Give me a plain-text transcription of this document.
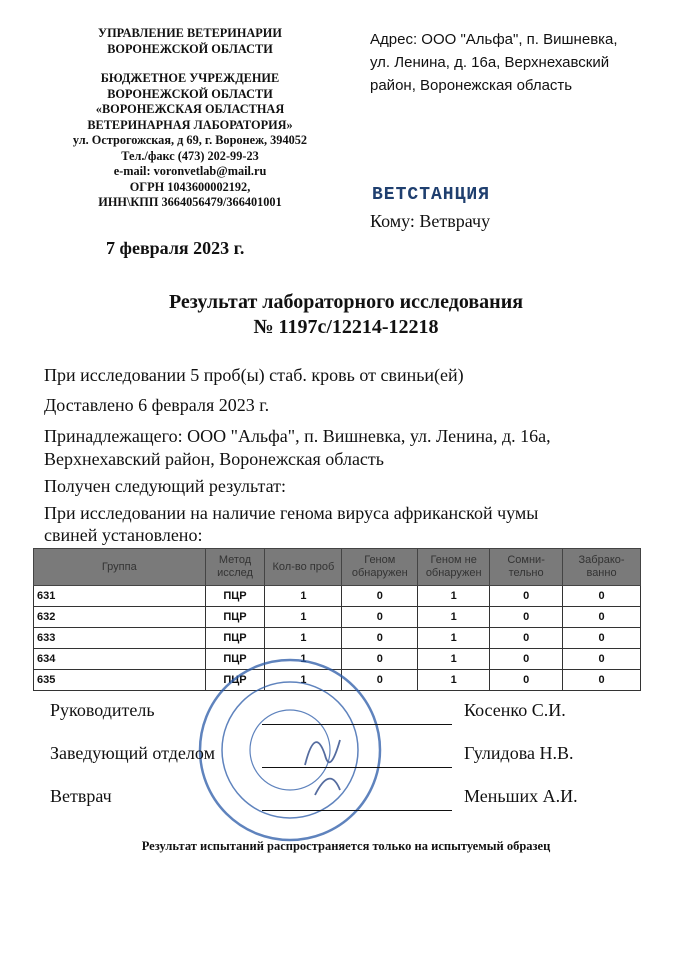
УПРАВЛЕНИЕ ВЕТЕРИНАРИИ
ВОРОНЕЖСКОЙ ОБЛАСТИ
БЮДЖЕТНОЕ УЧРЕЖДЕНИЕ
ВОРОНЕЖСКОЙ ОБЛАСТИ
«ВОРОНЕЖСКАЯ ОБЛАСТНАЯ
ВЕТЕРИНАРНАЯ ЛАБОРАТОРИЯ»
ул. Острогожская, д 69, г. Воронеж, 394052
Тел./факс (473) 202-99-23
e-mail: voronvetlab@mail.ru
ОГРН 1043600002192,
ИНН\КПП 3664056479/366401001
Адрес: ООО "Альфа", п. Вишневка,
ул. Ленина, д. 16а, Верхнехавский
район, Воронежская область
ВЕТСТАНЦИЯ
Кому: Ветврачу
7 февраля 2023 г.
Результат лабораторного исследования
№ 1197с/12214-12218
При исследовании 5 проб(ы) стаб. кровь от свиньи(ей)
Доставлено 6 февраля 2023 г.
Принадлежащего: ООО "Альфа", п. Вишневка, ул. Ленина, д. 16а,
Верхнехавский район, Воронежская область
Получен следующий результат:
При исследовании на наличие генома вируса африканской чумы
свиней установлено:
Группа	Метод исслед	Кол-во проб	Геном обнаружен	Геном не обнаружен	Сомни-тельно	Забрако-ванно
631	ПЦР	1	0	1	0	0
632	ПЦР	1	0	1	0	0
633	ПЦР	1	0	1	0	0
634	ПЦР	1	0	1	0	0
635	ПЦР	1	0	1	0	0
Руководитель	Косенко С.И.
Заведующий отделом	Гулидова Н.В.
Ветврач	Меньших А.И.
Результат испытаний распространяется только на испытуемый образец
